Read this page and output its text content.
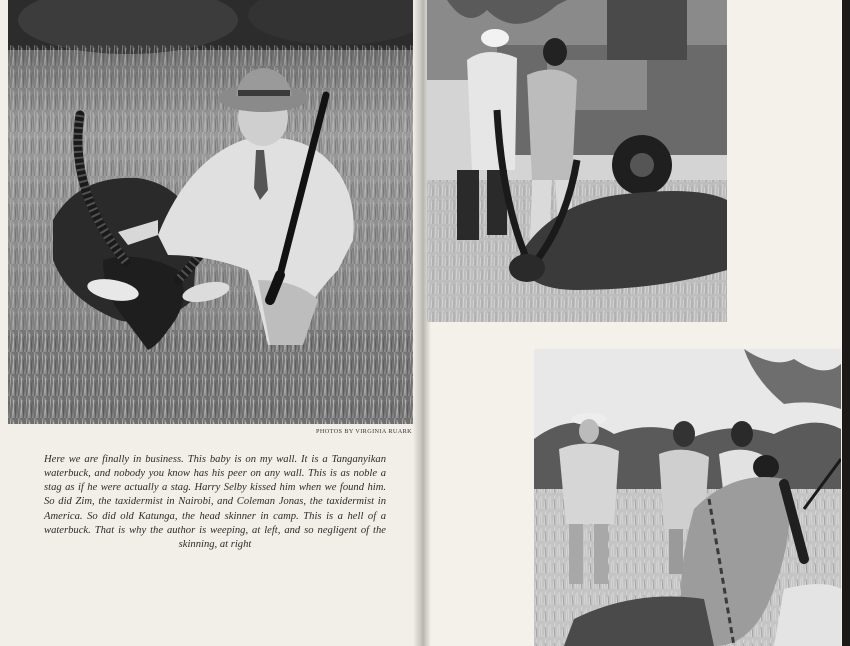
PHOTOS BY VIRGINIA RUARK

Here we are finally in business. This baby is on my wall. It is a Tanganyikan waterbuck, and nobody you know has his peer on any wall. This is as noble a stag as if he were actually a stag. Harry Selby kissed him when we found him. So did Zim, the taxidermist in Nairobi, and Coleman Jonas, the taxidermist in America. So did old Katunga, the head skinner in camp. This is a hell of a waterbuck. That is why the author is weeping, at left, and so negligent of the skinning, at right
